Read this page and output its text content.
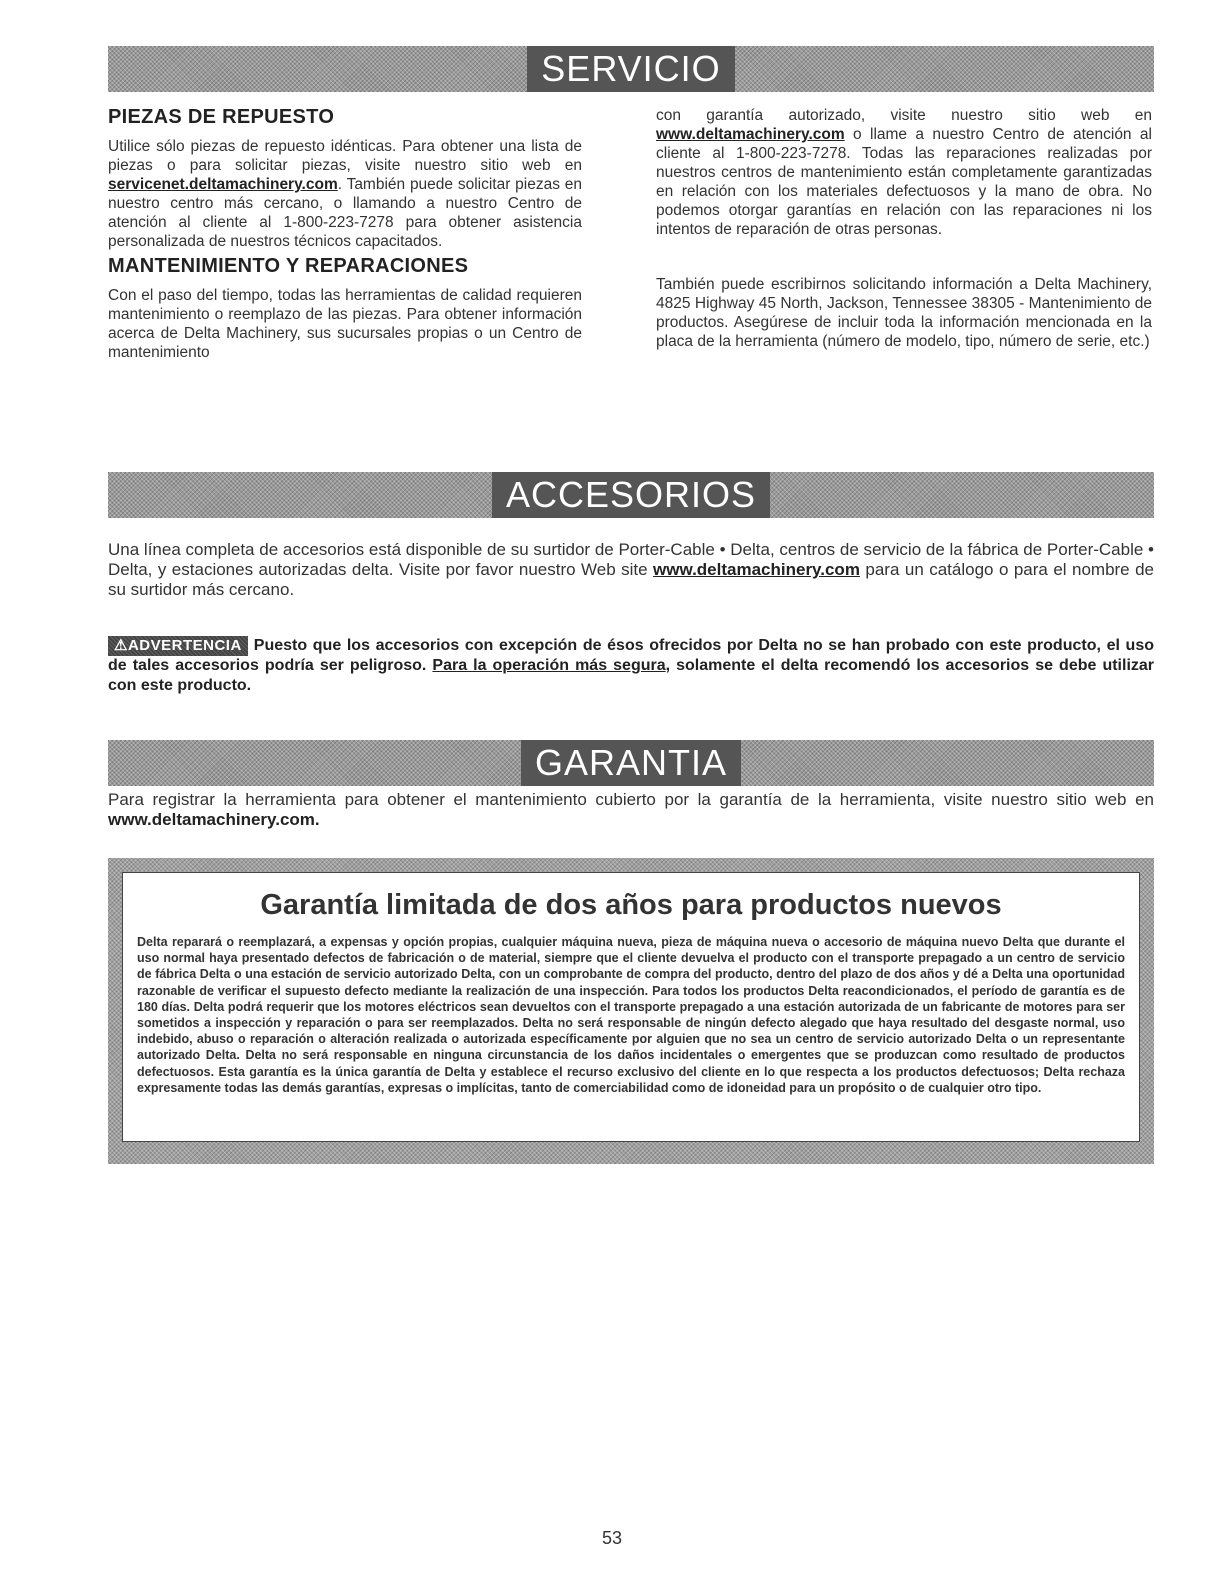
SERVICIO
PIEZAS DE REPUESTO

Utilice sólo piezas de repuesto idénticas. Para obtener una lista de piezas o para solicitar piezas, visite nuestro sitio web en servicenet.deltamachinery.com. También puede solicitar piezas en nuestro centro más cercano, o llamando a nuestro Centro de atención al cliente al 1-800-223-7278 para obtener asistencia personalizada de nuestros técnicos capacitados.

MANTENIMIENTO Y REPARACIONES

Con el paso del tiempo, todas las herramientas de calidad requieren mantenimiento o reemplazo de las piezas. Para obtener información acerca de Delta Machinery, sus sucursales propias o un Centro de mantenimiento

con garantía autorizado, visite nuestro sitio web en www.deltamachinery.com o llame a nuestro Centro de atención al cliente al 1-800-223-7278. Todas las reparaciones realizadas por nuestros centros de mantenimiento están completamente garantizadas en relación con los materiales defectuosos y la mano de obra. No podemos otorgar garantías en relación con las reparaciones ni los intentos de reparación de otras personas.

También puede escribirnos solicitando información a Delta Machinery, 4825 Highway 45 North, Jackson, Tennessee 38305 - Mantenimiento de productos. Asegúrese de incluir toda la información mencionada en la placa de la herramienta (número de modelo, tipo, número de serie, etc.)

ACCESORIOS

Una línea completa de accesorios está disponible de su surtidor de Porter-Cable • Delta, centros de servicio de la fábrica de Porter-Cable • Delta, y estaciones autorizadas delta. Visite por favor nuestro Web site www.deltamachinery.com para un catálogo o para el nombre de su surtidor más cercano.

⚠ADVERTENCIA Puesto que los accesorios con excepción de ésos ofrecidos por Delta no se han probado con este producto, el uso de tales accesorios podría ser peligroso. Para la operación más segura, solamente el delta recomendó los accesorios se debe utilizar con este producto.
GARANTIA

Para registrar la herramienta para obtener el mantenimiento cubierto por la garantía de la herramienta, visite nuestro sitio web en www.deltamachinery.com.

Garantía limitada de dos años para productos nuevos

Delta reparará o reemplazará, a expensas y opción propias, cualquier máquina nueva, pieza de máquina nueva o accesorio de máquina nuevo Delta que durante el uso normal haya presentado defectos de fabricación o de material, siempre que el cliente devuelva el producto con el transporte prepagado a un centro de servicio de fábrica Delta o una estación de servicio autorizado Delta, con un comprobante de compra del producto, dentro del plazo de dos años y dé a Delta una oportunidad razonable de verificar el supuesto defecto mediante la realización de una inspección. Para todos los productos Delta reacondicionados, el período de garantía es de 180 días. Delta podrá requerir que los motores eléctricos sean devueltos con el transporte prepagado a una estación autorizada de un fabricante de motores para ser sometidos a inspección y reparación o para ser reemplazados. Delta no será responsable de ningún defecto alegado que haya resultado del desgaste normal, uso indebido, abuso o reparación o alteración realizada o autorizada específicamente por alguien que no sea un centro de servicio autorizado Delta o un representante autorizado Delta. Delta no será responsable en ninguna circunstancia de los daños incidentales o emergentes que se produzcan como resultado de productos defectuosos. Esta garantía es la única garantía de Delta y establece el recurso exclusivo del cliente en lo que respecta a los productos defectuosos; Delta rechaza expresamente todas las demás garantías, expresas o implícitas, tanto de comerciabilidad como de idoneidad para un propósito o de cualquier otro tipo.

53
